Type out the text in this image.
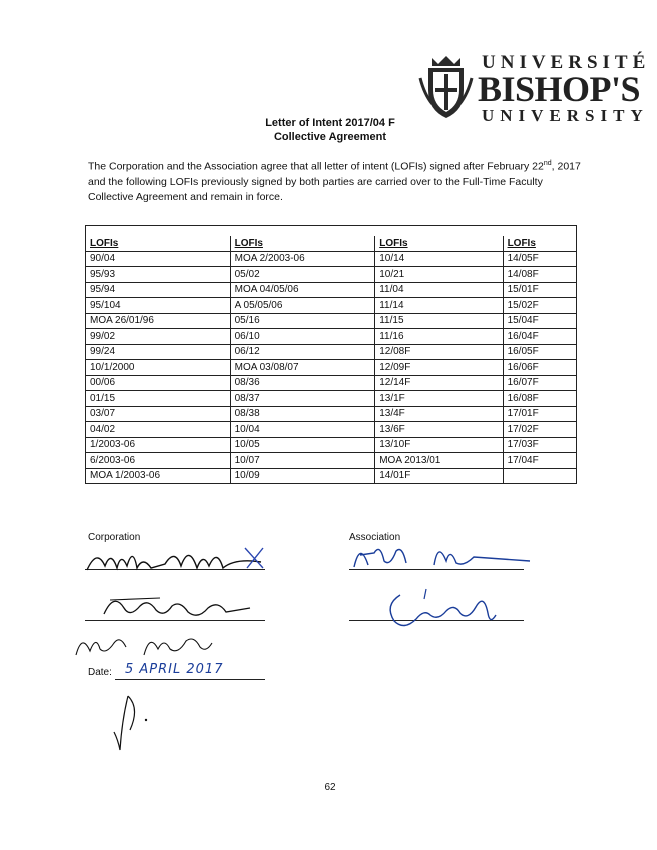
UNIVERSITÉ
BISHOP'S
UNIVERSITY
Letter of Intent 2017/04 F
Collective Agreement
The Corporation and the Association agree that all letter of intent (LOFIs) signed after February 22nd, 2017 and the following LOFIs previously signed by both parties are carried over to the Full-Time Faculty Collective Agreement and remain in force.

LOFIs	LOFIs	LOFIs	LOFIs
90/04	MOA 2/2003-06	10/14	14/05F
95/93	05/02	10/21	14/08F
95/94	MOA 04/05/06	11/04	15/01F
95/104	A 05/05/06	11/14	15/02F
MOA 26/01/96	05/16	11/15	15/04F
99/02	06/10	11/16	16/04F
99/24	06/12	12/08F	16/05F
10/1/2000	MOA 03/08/07	12/09F	16/06F
00/06	08/36	12/14F	16/07F
01/15	08/37	13/1F	16/08F
03/07	08/38	13/4F	17/01F
04/02	10/04	13/6F	17/02F
1/2003-06	10/05	13/10F	17/03F
6/2003-06	10/07	MOA 2013/01	17/04F
MOA 1/2003-06	10/09	14/01F	
Corporation	Association
Date: 5 APRIL 2017
62
